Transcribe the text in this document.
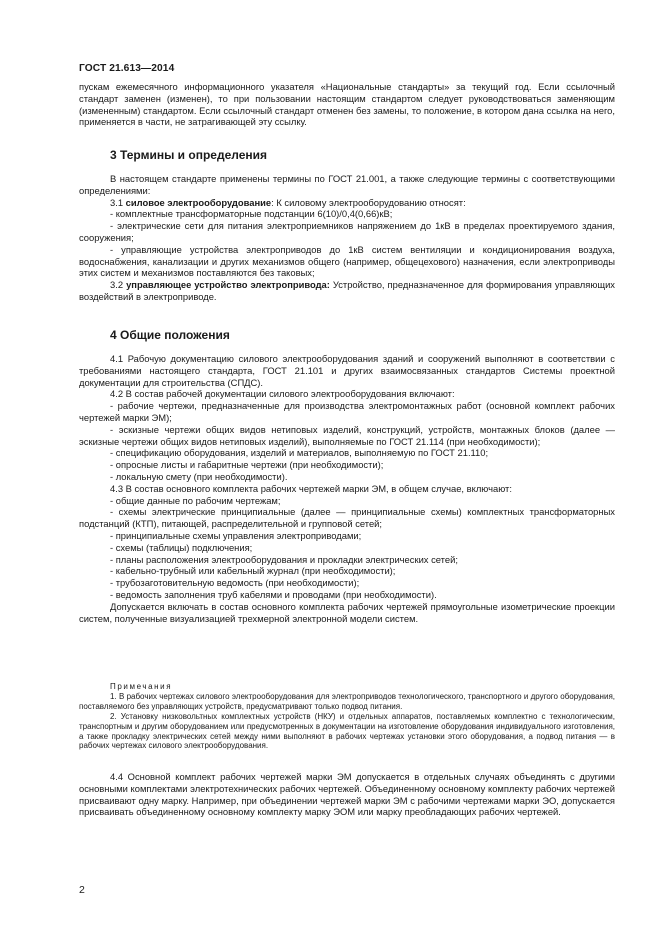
ГОСТ 21.613—2014

пускам ежемесячного информационного указателя «Национальные стандарты» за текущий год. Если ссылочный стандарт заменен (изменен), то при пользовании настоящим стандартом следует руководствоваться заменяющим (измененным) стандартом. Если ссылочный стандарт отменен без замены, то положение, в котором дана ссылка на него, применяется в части, не затрагивающей эту ссылку.

3 Термины и определения

В настоящем стандарте применены термины по ГОСТ 21.001, а также следующие термины с соответствующими определениями:

3.1 силовое электрооборудование: К силовому электрооборудованию относят:

- комплектные трансформаторные подстанции 6(10)/0,4(0,66)кВ;

- электрические сети для питания электроприемников напряжением до 1кВ в пределах проектируемого здания, сооружения;

- управляющие устройства электроприводов до 1кВ систем вентиляции и кондиционирования воздуха, водоснабжения, канализации и других механизмов общего (например, общецехового) назначения, если электроприводы этих систем и механизмов поставляются без таковых;

3.2 управляющее устройство электропривода: Устройство, предназначенное для формирования управляющих воздействий в электроприводе.

4 Общие положения

4.1 Рабочую документацию силового электрооборудования зданий и сооружений выполняют в соответствии с требованиями настоящего стандарта, ГОСТ 21.101 и других взаимосвязанных стандартов Системы проектной документации для строительства (СПДС).

4.2 В состав рабочей документации силового электрооборудования включают:

- рабочие чертежи, предназначенные для производства электромонтажных работ (основной комплект рабочих чертежей марки ЭМ);

- эскизные чертежи общих видов нетиповых изделий, конструкций, устройств, монтажных блоков (далее — эскизные чертежи общих видов нетиповых изделий), выполняемые по ГОСТ 21.114 (при необходимости);

- спецификацию оборудования, изделий и материалов, выполняемую по ГОСТ 21.110;

- опросные листы и габаритные чертежи (при необходимости);

- локальную смету (при необходимости).

4.3 В состав основного комплекта рабочих чертежей марки ЭМ, в общем случае, включают:

- общие данные по рабочим чертежам;

- схемы электрические принципиальные (далее — принципиальные схемы) комплектных трансформаторных подстанций (КТП), питающей, распределительной и групповой сетей;

- принципиальные схемы управления электроприводами;

- схемы (таблицы) подключения;

- планы расположения электрооборудования и прокладки электрических сетей;

- кабельно-трубный или кабельный журнал (при необходимости);

- трубозаготовительную ведомость (при необходимости);

- ведомость заполнения труб кабелями и проводами (при необходимости).

Допускается включать в состав основного комплекта рабочих чертежей прямоугольные изометрические проекции систем, полученные визуализацией трехмерной электронной модели систем.

Примечания

1. В рабочих чертежах силового электрооборудования для электроприводов технологического, транспортного и другого оборудования, поставляемого без управляющих устройств, предусматривают только подвод питания.

2. Установку низковольтных комплектных устройств (НКУ) и отдельных аппаратов, поставляемых комплектно с технологическим, транспортным и другим оборудованием или предусмотренных в документации на изготовление оборудования индивидуального изготовления, а также прокладку электрических сетей между ними выполняют в рабочих чертежах установки этого оборудования, а подвод питания — в рабочих чертежах силового электрооборудования.

4.4 Основной комплект рабочих чертежей марки ЭМ допускается в отдельных случаях объединять с другими основными комплектами электротехнических рабочих чертежей. Объединенному основному комплекту рабочих чертежей присваивают одну марку. Например, при объединении чертежей марки ЭМ с рабочими чертежами марки ЭО, допускается присваивать объединенному основному комплекту марку ЭОМ или марку преобладающих рабочих чертежей.

2
